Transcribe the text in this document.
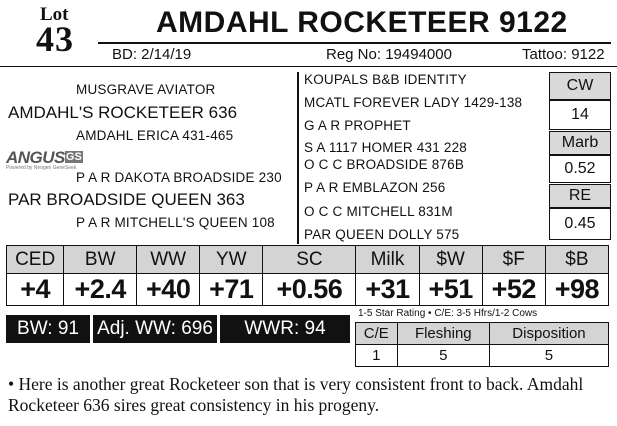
Lot
43	AMDAHL ROCKETEER 9122
BD: 2/14/19	Reg No: 19494000	Tattoo: 9122
MUSGRAVE AVIATOR
AMDAHL'S ROCKETEER 636
AMDAHL ERICA 431-465
ANGUSGS
Powered by Neogen GeneSeek
P A R DAKOTA BROADSIDE 230
PAR BROADSIDE QUEEN 363
P A R MITCHELL'S QUEEN 108
KOUPALS B&B IDENTITY
MCATL FOREVER LADY 1429-138
G A R PROPHET
S A 1117 HOMER 431 228
O C C BROADSIDE 876B
P A R EMBLAZON 256
O C C MITCHELL 831M
PAR QUEEN DOLLY 575
CW
14
Marb
0.52
RE
0.45
CED	BW	WW	YW	SC	Milk	$W	$F	$B
+4	+2.4	+40	+71	+0.56	+31	+51	+52	+98
BW: 91 Adj. WW: 696	WWR: 94
1-5 Star Rating • C/E: 3-5 Hfrs/1-2 Cows
C/E	Fleshing	Disposition
1	5	5
• Here is another great Rocketeer son that is very consistent front to back. Amdahl Rocketeer 636 sires great consistency in his progeny.
